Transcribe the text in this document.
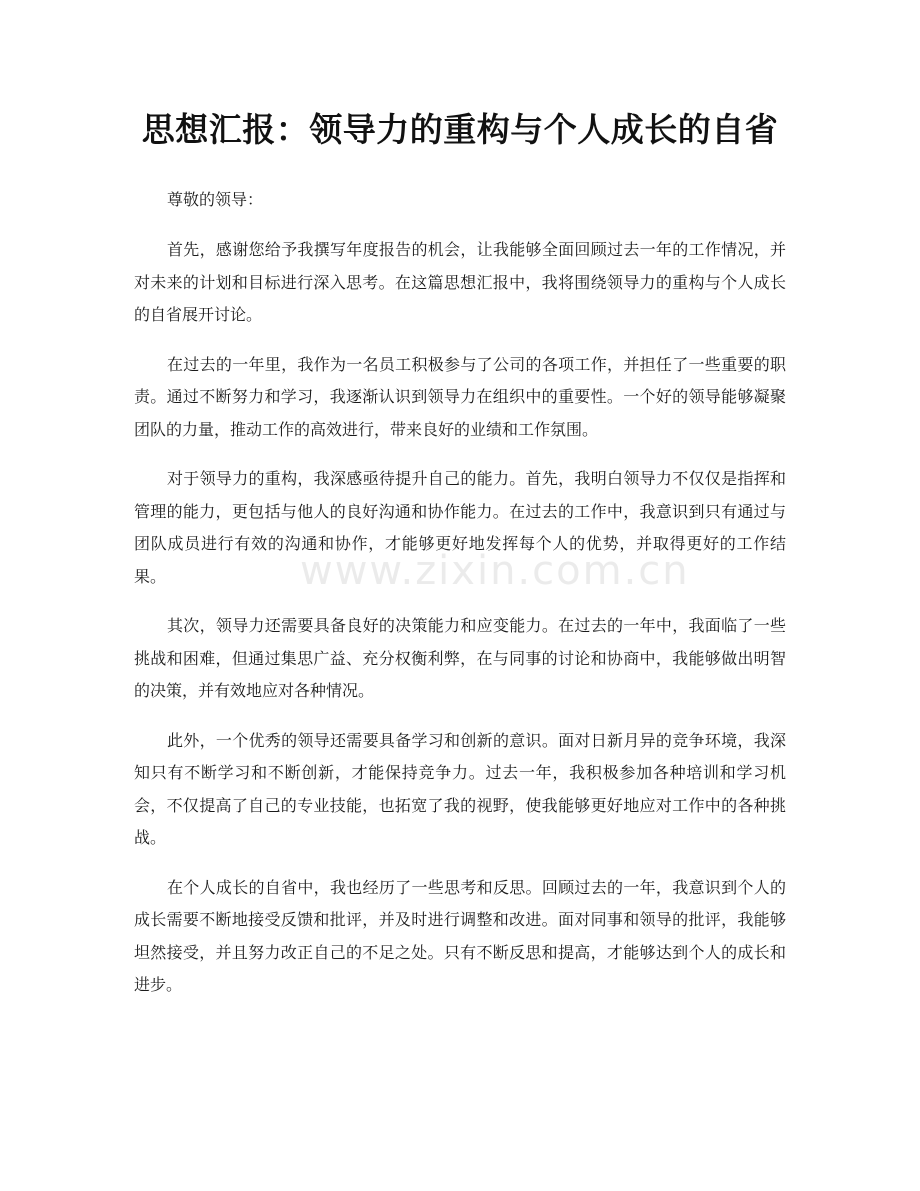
www.zixin.com.cn
思想汇报：领导力的重构与个人成长的自省
尊敬的领导：

首先，感谢您给予我撰写年度报告的机会，让我能够全面回顾过去一年的工作情况，并对未来的计划和目标进行深入思考。在这篇思想汇报中，我将围绕领导力的重构与个人成长的自省展开讨论。

在过去的一年里，我作为一名员工积极参与了公司的各项工作，并担任了一些重要的职责。通过不断努力和学习，我逐渐认识到领导力在组织中的重要性。一个好的领导能够凝聚团队的力量，推动工作的高效进行，带来良好的业绩和工作氛围。

对于领导力的重构，我深感亟待提升自己的能力。首先，我明白领导力不仅仅是指挥和管理的能力，更包括与他人的良好沟通和协作能力。在过去的工作中，我意识到只有通过与团队成员进行有效的沟通和协作，才能够更好地发挥每个人的优势，并取得更好的工作结果。

其次，领导力还需要具备良好的决策能力和应变能力。在过去的一年中，我面临了一些挑战和困难，但通过集思广益、充分权衡利弊，在与同事的讨论和协商中，我能够做出明智的决策，并有效地应对各种情况。

此外，一个优秀的领导还需要具备学习和创新的意识。面对日新月异的竞争环境，我深知只有不断学习和不断创新，才能保持竞争力。过去一年，我积极参加各种培训和学习机会，不仅提高了自己的专业技能，也拓宽了我的视野，使我能够更好地应对工作中的各种挑战。

在个人成长的自省中，我也经历了一些思考和反思。回顾过去的一年，我意识到个人的成长需要不断地接受反馈和批评，并及时进行调整和改进。面对同事和领导的批评，我能够坦然接受，并且努力改正自己的不足之处。只有不断反思和提高，才能够达到个人的成长和进步。
